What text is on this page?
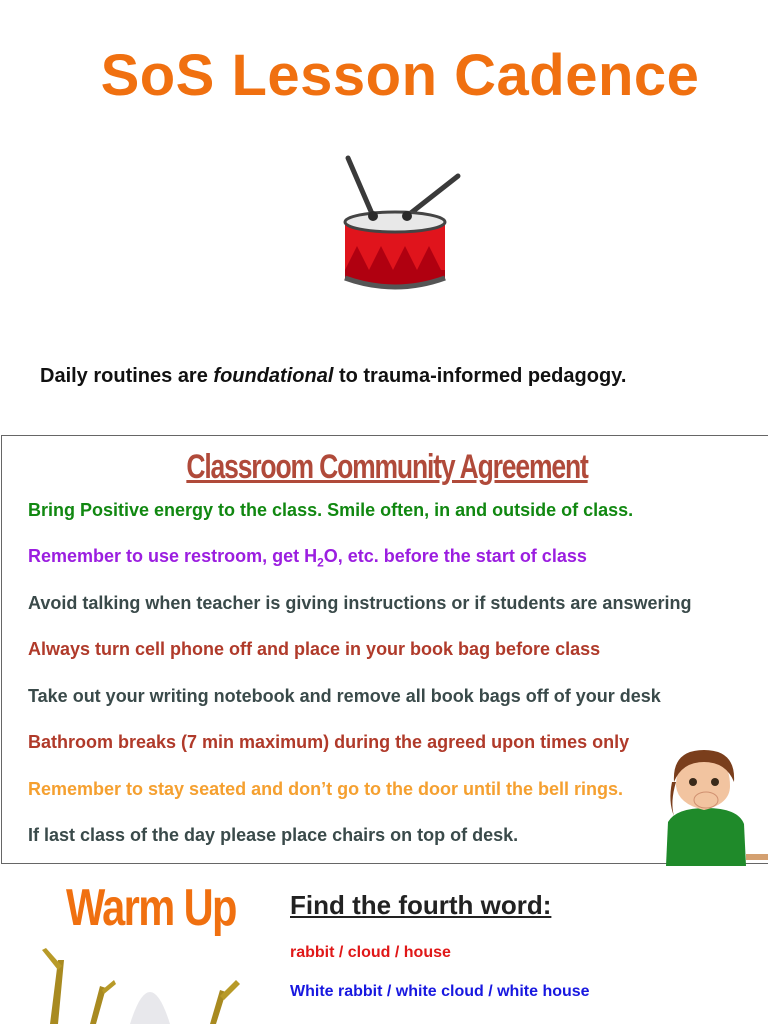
SoS Lesson Cadence
Daily routines are foundational to trauma-informed pedagogy.
Classroom Community Agreement
Bring Positive energy to the class. Smile often, in and outside of class.
Remember to use restroom, get $H_2O$, etc. before the start of class
Avoid talking when teacher is giving instructions or if students are answering
Always turn cell phone off and place in your book bag before class
Take out your writing notebook and remove all book bags off of your desk
Bathroom breaks (7 min maximum) during the agreed upon times only
Remember to stay seated and don’t go to the door until the bell rings.
If last class of the day please place chairs on top of desk.
Warm Up Find the fourth word:
rabbit / cloud / house
White rabbit / white cloud / white house
